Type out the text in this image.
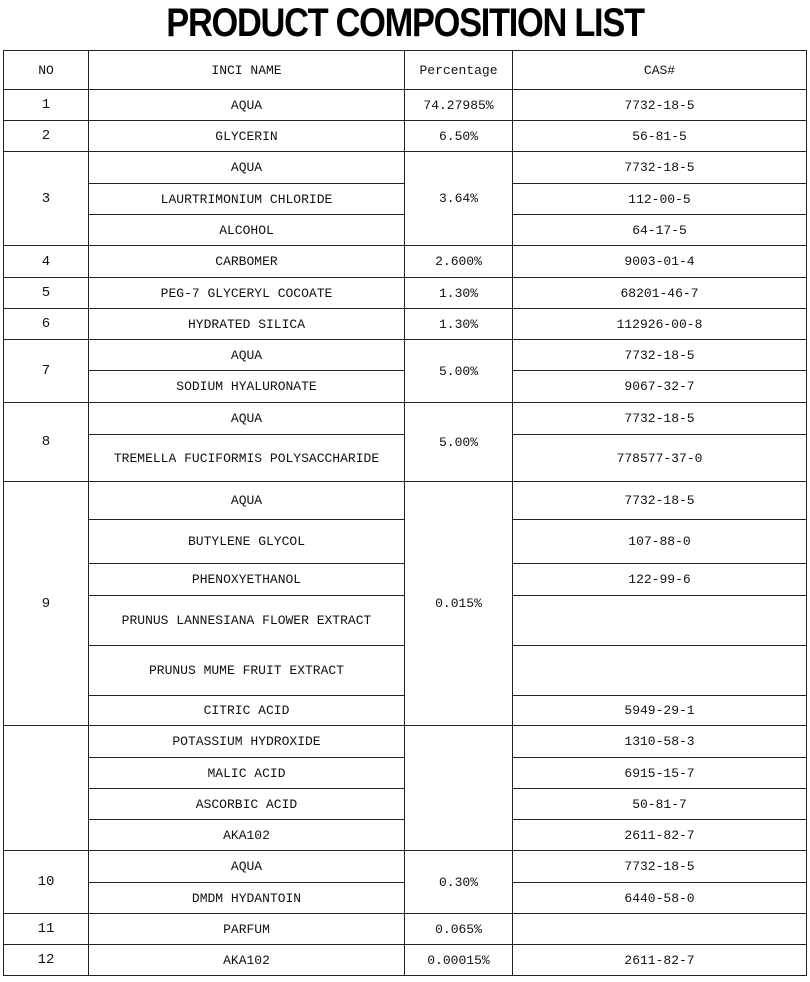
PRODUCT COMPOSITION LIST
NO	INCI NAME	Percentage	CAS#
1	AQUA	74.27985%	7732-18-5
2	GLYCERIN	6.50%	56-81-5
3	AQUA	3.64%	7732-18-5
	LAURTRIMONIUM CHLORIDE		112-00-5
	ALCOHOL		64-17-5
4	CARBOMER	2.600%	9003-01-4
5	PEG-7 GLYCERYL COCOATE	1.30%	68201-46-7
6	HYDRATED SILICA	1.30%	112926-00-8
7	AQUA	5.00%	7732-18-5
	SODIUM HYALURONATE		9067-32-7
8	AQUA	5.00%	7732-18-5
	TREMELLA FUCIFORMIS POLYSACCHARIDE		778577-37-0
9	AQUA	0.015%	7732-18-5
	BUTYLENE GLYCOL		107-88-0
	PHENOXYETHANOL		122-99-6
	PRUNUS LANNESIANA FLOWER EXTRACT		
	PRUNUS MUME FRUIT EXTRACT		
	CITRIC ACID		5949-29-1
	POTASSIUM HYDROXIDE		1310-58-3
	MALIC ACID		6915-15-7
	ASCORBIC ACID		50-81-7
	AKA102		2611-82-7
10	AQUA	0.30%	7732-18-5
	DMDM HYDANTOIN		6440-58-0
11	PARFUM	0.065%	
12	AKA102	0.00015%	2611-82-7
